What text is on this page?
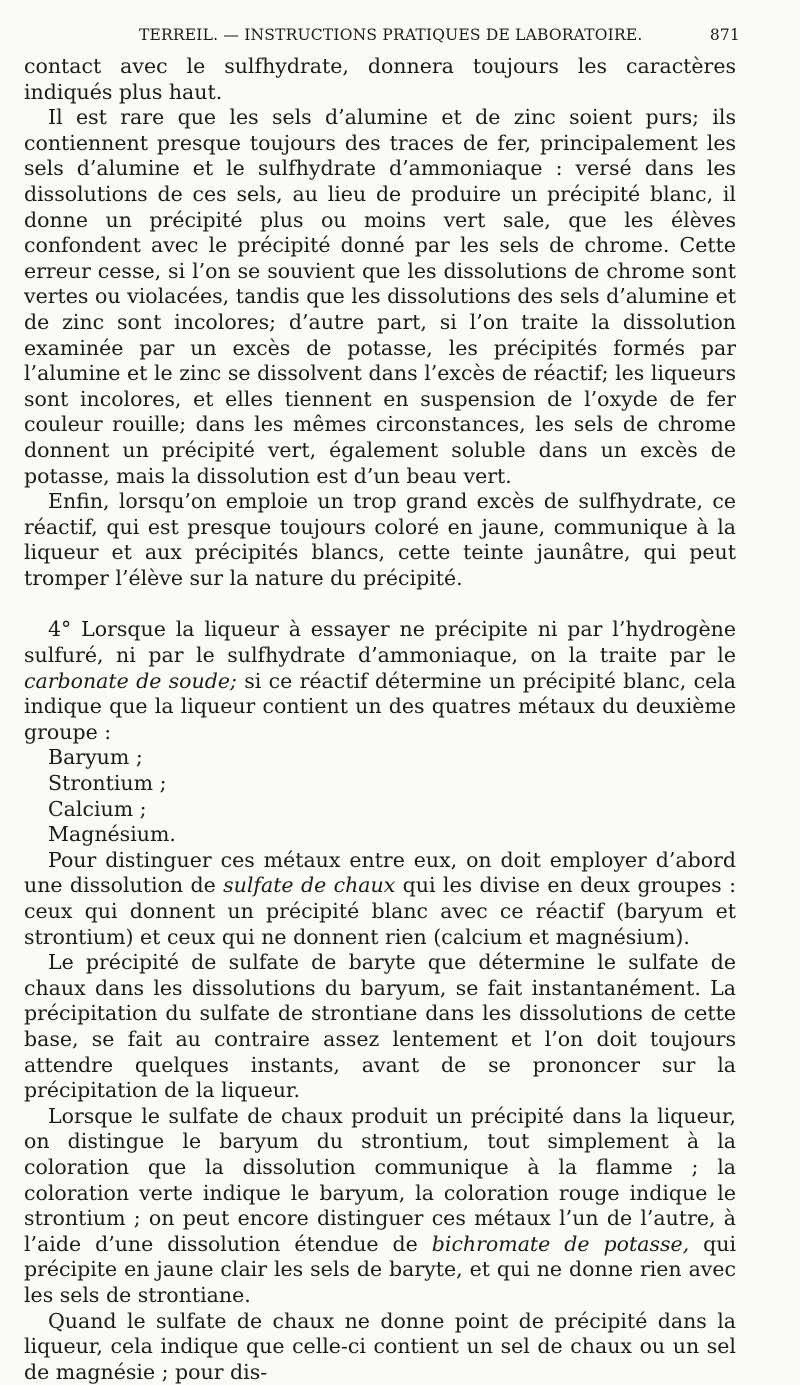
TERREIL. — INSTRUCTIONS PRATIQUES DE LABORATOIRE.	871

contact avec le sulfhydrate, donnera toujours les caractères indiqués plus haut.

Il est rare que les sels d’alumine et de zinc soient purs; ils contiennent presque toujours des traces de fer, principalement les sels d’alumine et le sulfhydrate d’ammoniaque : versé dans les dissolutions de ces sels, au lieu de produire un précipité blanc, il donne un précipité plus ou moins vert sale, que les élèves confondent avec le précipité donné par les sels de chrome. Cette erreur cesse, si l’on se souvient que les dissolutions de chrome sont vertes ou violacées, tandis que les dissolutions des sels d’alumine et de zinc sont incolores; d’autre part, si l’on traite la dissolution examinée par un excès de potasse, les précipités formés par l’alumine et le zinc se dissolvent dans l’excès de réactif; les liqueurs sont incolores, et elles tiennent en suspension de l’oxyde de fer couleur rouille; dans les mêmes circonstances, les sels de chrome donnent un précipité vert, également soluble dans un excès de potasse, mais la dissolution est d’un beau vert.

Enfin, lorsqu’on emploie un trop grand excès de sulfhydrate, ce réactif, qui est presque toujours coloré en jaune, communique à la liqueur et aux précipités blancs, cette teinte jaunâtre, qui peut tromper l’élève sur la nature du précipité.

4° Lorsque la liqueur à essayer ne précipite ni par l’hydrogène sulfuré, ni par le sulfhydrate d’ammoniaque, on la traite par le carbonate de soude; si ce réactif détermine un précipité blanc, cela indique que la liqueur contient un des quatres métaux du deuxième groupe :

Baryum ;

Strontium ;

Calcium ;

Magnésium.

Pour distinguer ces métaux entre eux, on doit employer d’abord une dissolution de sulfate de chaux qui les divise en deux groupes : ceux qui donnent un précipité blanc avec ce réactif (baryum et strontium) et ceux qui ne donnent rien (calcium et magnésium).

Le précipité de sulfate de baryte que détermine le sulfate de chaux dans les dissolutions du baryum, se fait instantanément. La précipitation du sulfate de strontiane dans les dissolutions de cette base, se fait au contraire assez lentement et l’on doit toujours attendre quelques instants, avant de se prononcer sur la précipitation de la liqueur.

Lorsque le sulfate de chaux produit un précipité dans la liqueur, on distingue le baryum du strontium, tout simplement à la coloration que la dissolution communique à la flamme ; la coloration verte indique le baryum, la coloration rouge indique le strontium ; on peut encore distinguer ces métaux l’un de l’autre, à l’aide d’une dissolution étendue de bichromate de potasse, qui précipite en jaune clair les sels de baryte, et qui ne donne rien avec les sels de strontiane.

Quand le sulfate de chaux ne donne point de précipité dans la liqueur, cela indique que celle-ci contient un sel de chaux ou un sel de magnésie ; pour dis-
